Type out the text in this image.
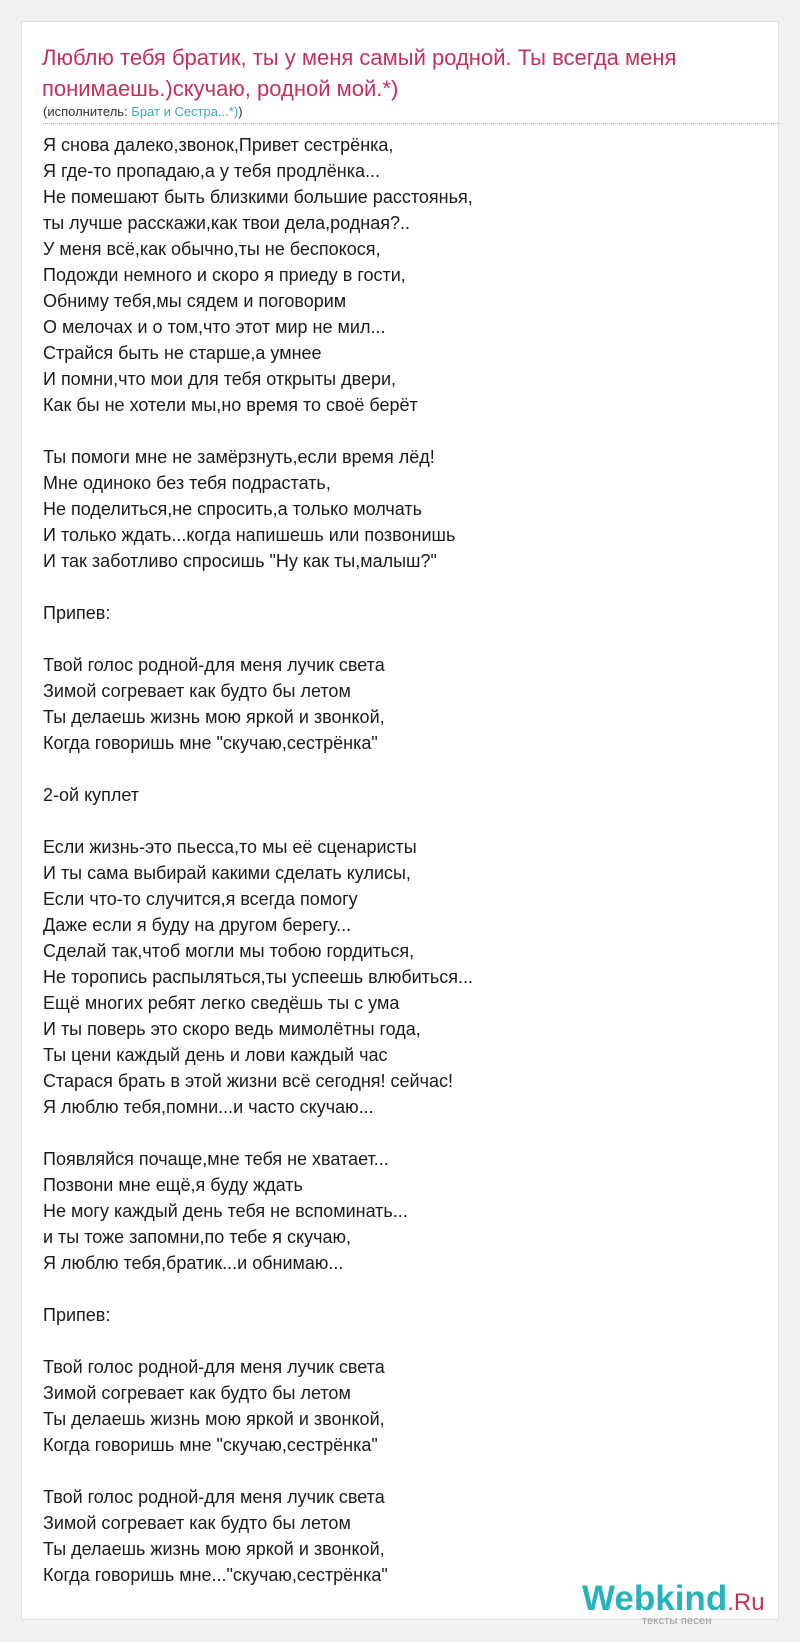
Люблю тебя братик, ты у меня самый родной. Ты всегда меня понимаешь.)скучаю, родной мой.*)
(исполнитель: Брат и Сестра...*))
Я снова далеко,звонок,Привет сестрёнка,
Я где-то пропадаю,а у тебя продлёнка...
Не помешают быть близкими большие расстоянья,
ты лучше расскажи,как твои дела,родная?..
У меня всё,как обычно,ты не беспокося,
Подожди немного и скоро я приеду в гости,
Обниму тебя,мы сядем и поговорим
О мелочах и о том,что этот мир не мил...
Страйся быть не старше,а умнее
И помни,что мои для тебя открыты двери,
Как бы не хотели мы,но время то своё берёт
Ты помоги мне не замёрзнуть,если время лёд!
Мне одиноко без тебя подрастать,
Не поделиться,не спросить,а только молчать
И только ждать...когда напишешь или позвонишь
И так заботливо спросишь "Ну как ты,малыш?"
Припев:
Твой голос родной-для меня лучик света
Зимой согревает как будто бы летом
Ты делаешь жизнь мою яркой и звонкой,
Когда говоришь мне "скучаю,сестрёнка"
2-ой куплет
Если жизнь-это пьесса,то мы её сценаристы
И ты сама выбирай какими сделать кулисы,
Если что-то случится,я всегда помогу
Даже если я буду на другом берегу...
Сделай так,чтоб могли мы тобою гордиться,
Не торопись распыляться,ты успеешь влюбиться...
Ещё многих ребят легко сведёшь ты с ума
И ты поверь это скоро ведь мимолётны года,
Ты цени каждый день и лови каждый час
Старася брать в этой жизни всё сегодня! сейчас!
Я люблю тебя,помни...и часто скучаю...
Появляйся почаще,мне тебя не хватает...
Позвони мне ещё,я буду ждать
Не могу каждый день тебя не вспоминать...
и ты тоже запомни,по тебе я скучаю,
Я люблю тебя,братик...и обнимаю...
Припев:
Твой голос родной-для меня лучик света
Зимой согревает как будто бы летом
Ты делаешь жизнь мою яркой и звонкой,
Когда говоришь мне "скучаю,сестрёнка"
Твой голос родной-для меня лучик света
Зимой согревает как будто бы летом
Ты делаешь жизнь мою яркой и звонкой,
Когда говоришь мне..."скучаю,сестрёнка"
Webkind.Ru
тексты песен
